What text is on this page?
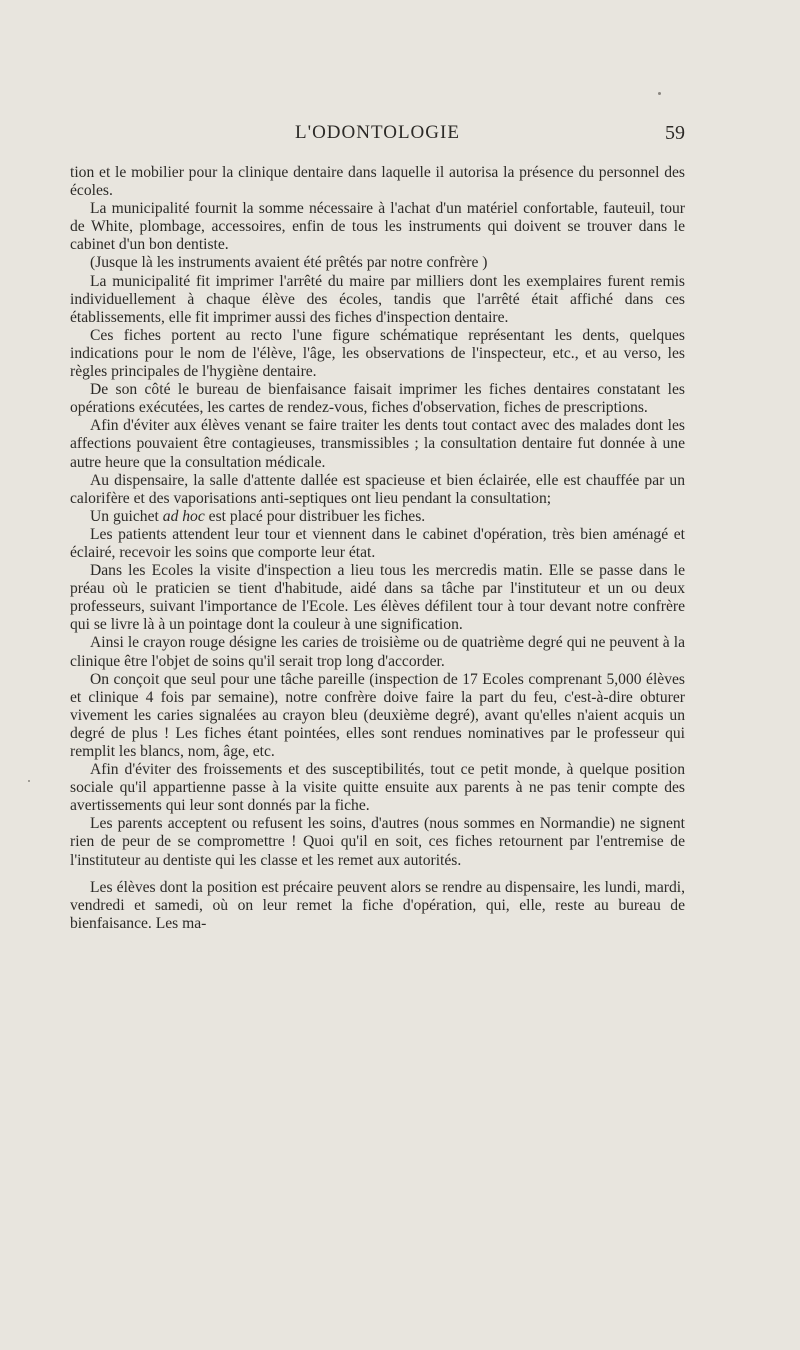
L'ODONTOLOGIE	59

tion et le mobilier pour la clinique dentaire dans laquelle il autorisa la présence du personnel des écoles.

La municipalité fournit la somme nécessaire à l'achat d'un matériel confortable, fauteuil, tour de White, plombage, accessoires, enfin de tous les instruments qui doivent se trouver dans le cabinet d'un bon dentiste.

(Jusque là les instruments avaient été prêtés par notre confrère )

La municipalité fit imprimer l'arrêté du maire par milliers dont les exemplaires furent remis individuellement à chaque élève des écoles, tandis que l'arrêté était affiché dans ces établissements, elle fit imprimer aussi des fiches d'inspection dentaire.

Ces fiches portent au recto l'une figure schématique représentant les dents, quelques indications pour le nom de l'élève, l'âge, les observations de l'inspecteur, etc., et au verso, les règles principales de l'hygiène dentaire.

De son côté le bureau de bienfaisance faisait imprimer les fiches dentaires constatant les opérations exécutées, les cartes de rendez-vous, fiches d'observation, fiches de prescriptions.

Afin d'éviter aux élèves venant se faire traiter les dents tout contact avec des malades dont les affections pouvaient être contagieuses, transmissibles ; la consultation dentaire fut donnée à une autre heure que la consultation médicale.

Au dispensaire, la salle d'attente dallée est spacieuse et bien éclairée, elle est chauffée par un calorifère et des vaporisations anti-septiques ont lieu pendant la consultation;

Un guichet ad hoc est placé pour distribuer les fiches.

Les patients attendent leur tour et viennent dans le cabinet d'opération, très bien aménagé et éclairé, recevoir les soins que comporte leur état.

Dans les Ecoles la visite d'inspection a lieu tous les mercredis matin. Elle se passe dans le préau où le praticien se tient d'habitude, aidé dans sa tâche par l'instituteur et un ou deux professeurs, suivant l'importance de l'Ecole. Les élèves défilent tour à tour devant notre confrère qui se livre là à un pointage dont la couleur à une signification.

Ainsi le crayon rouge désigne les caries de troisième ou de quatrième degré qui ne peuvent à la clinique être l'objet de soins qu'il serait trop long d'accorder.

On conçoit que seul pour une tâche pareille (inspection de 17 Ecoles comprenant 5,000 élèves et clinique 4 fois par semaine), notre confrère doive faire la part du feu, c'est-à-dire obturer vivement les caries signalées au crayon bleu (deuxième degré), avant qu'elles n'aient acquis un degré de plus ! Les fiches étant pointées, elles sont rendues nominatives par le professeur qui remplit les blancs, nom, âge, etc.

Afin d'éviter des froissements et des susceptibilités, tout ce petit monde, à quelque position sociale qu'il appartienne passe à la visite quitte ensuite aux parents à ne pas tenir compte des avertissements qui leur sont donnés par la fiche.

Les parents acceptent ou refusent les soins, d'autres (nous sommes en Normandie) ne signent rien de peur de se compromettre ! Quoi qu'il en soit, ces fiches retournent par l'entremise de l'instituteur au dentiste qui les classe et les remet aux autorités.

Les élèves dont la position est précaire peuvent alors se rendre au dispensaire, les lundi, mardi, vendredi et samedi, où on leur remet la fiche d'opération, qui, elle, reste au bureau de bienfaisance. Les ma-
